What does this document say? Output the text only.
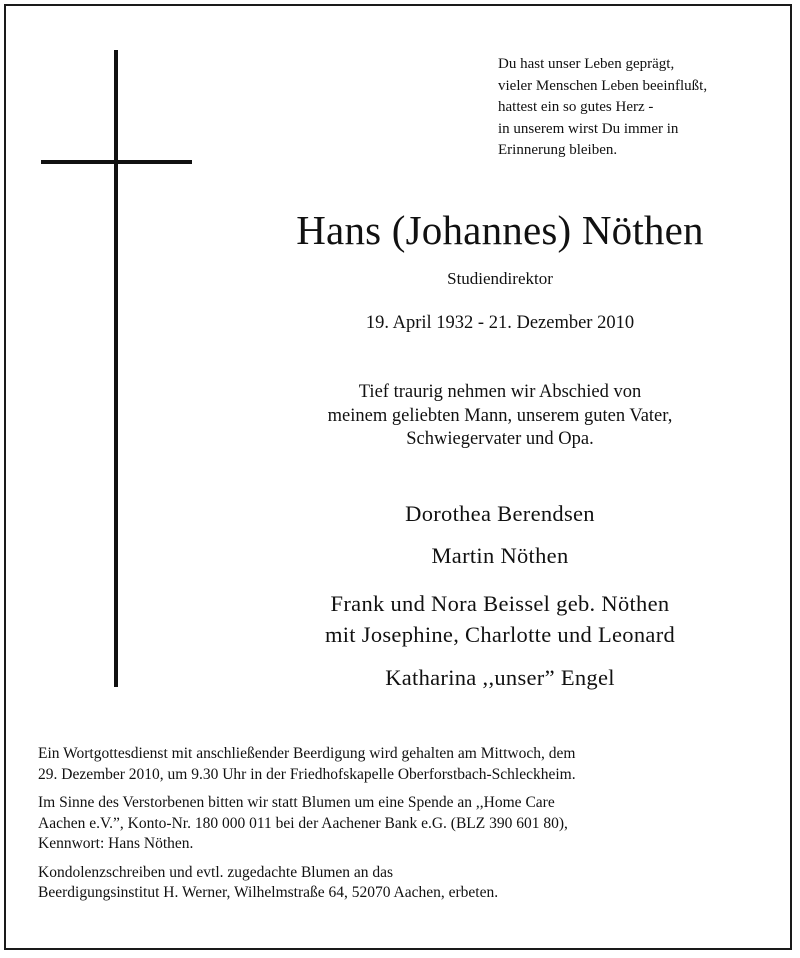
Du hast unser Leben geprägt,
vieler Menschen Leben beeinflußt,
hattest ein so gutes Herz -
in unserem wirst Du immer in
Erinnerung bleiben.
Hans (Johannes) Nöthen
Studiendirektor
19. April 1932 - 21. Dezember 2010
Tief traurig nehmen wir Abschied von
meinem geliebten Mann, unserem guten Vater,
Schwiegervater und Opa.
Dorothea Berendsen
Martin Nöthen
Frank und Nora Beissel geb. Nöthen
mit Josephine, Charlotte und Leonard
Katharina ,,unser” Engel
Ein Wortgottesdienst mit anschließender Beerdigung wird gehalten am Mittwoch, dem
29. Dezember 2010, um 9.30 Uhr in der Friedhofskapelle Oberforstbach-Schleckheim.
Im Sinne des Verstorbenen bitten wir statt Blumen um eine Spende an ,,Home Care
Aachen e.V.”, Konto-Nr. 180 000 011 bei der Aachener Bank e.G. (BLZ 390 601 80),
Kennwort: Hans Nöthen.
Kondolenzschreiben und evtl. zugedachte Blumen an das
Beerdigungsinstitut H. Werner, Wilhelmstraße 64, 52070 Aachen, erbeten.
